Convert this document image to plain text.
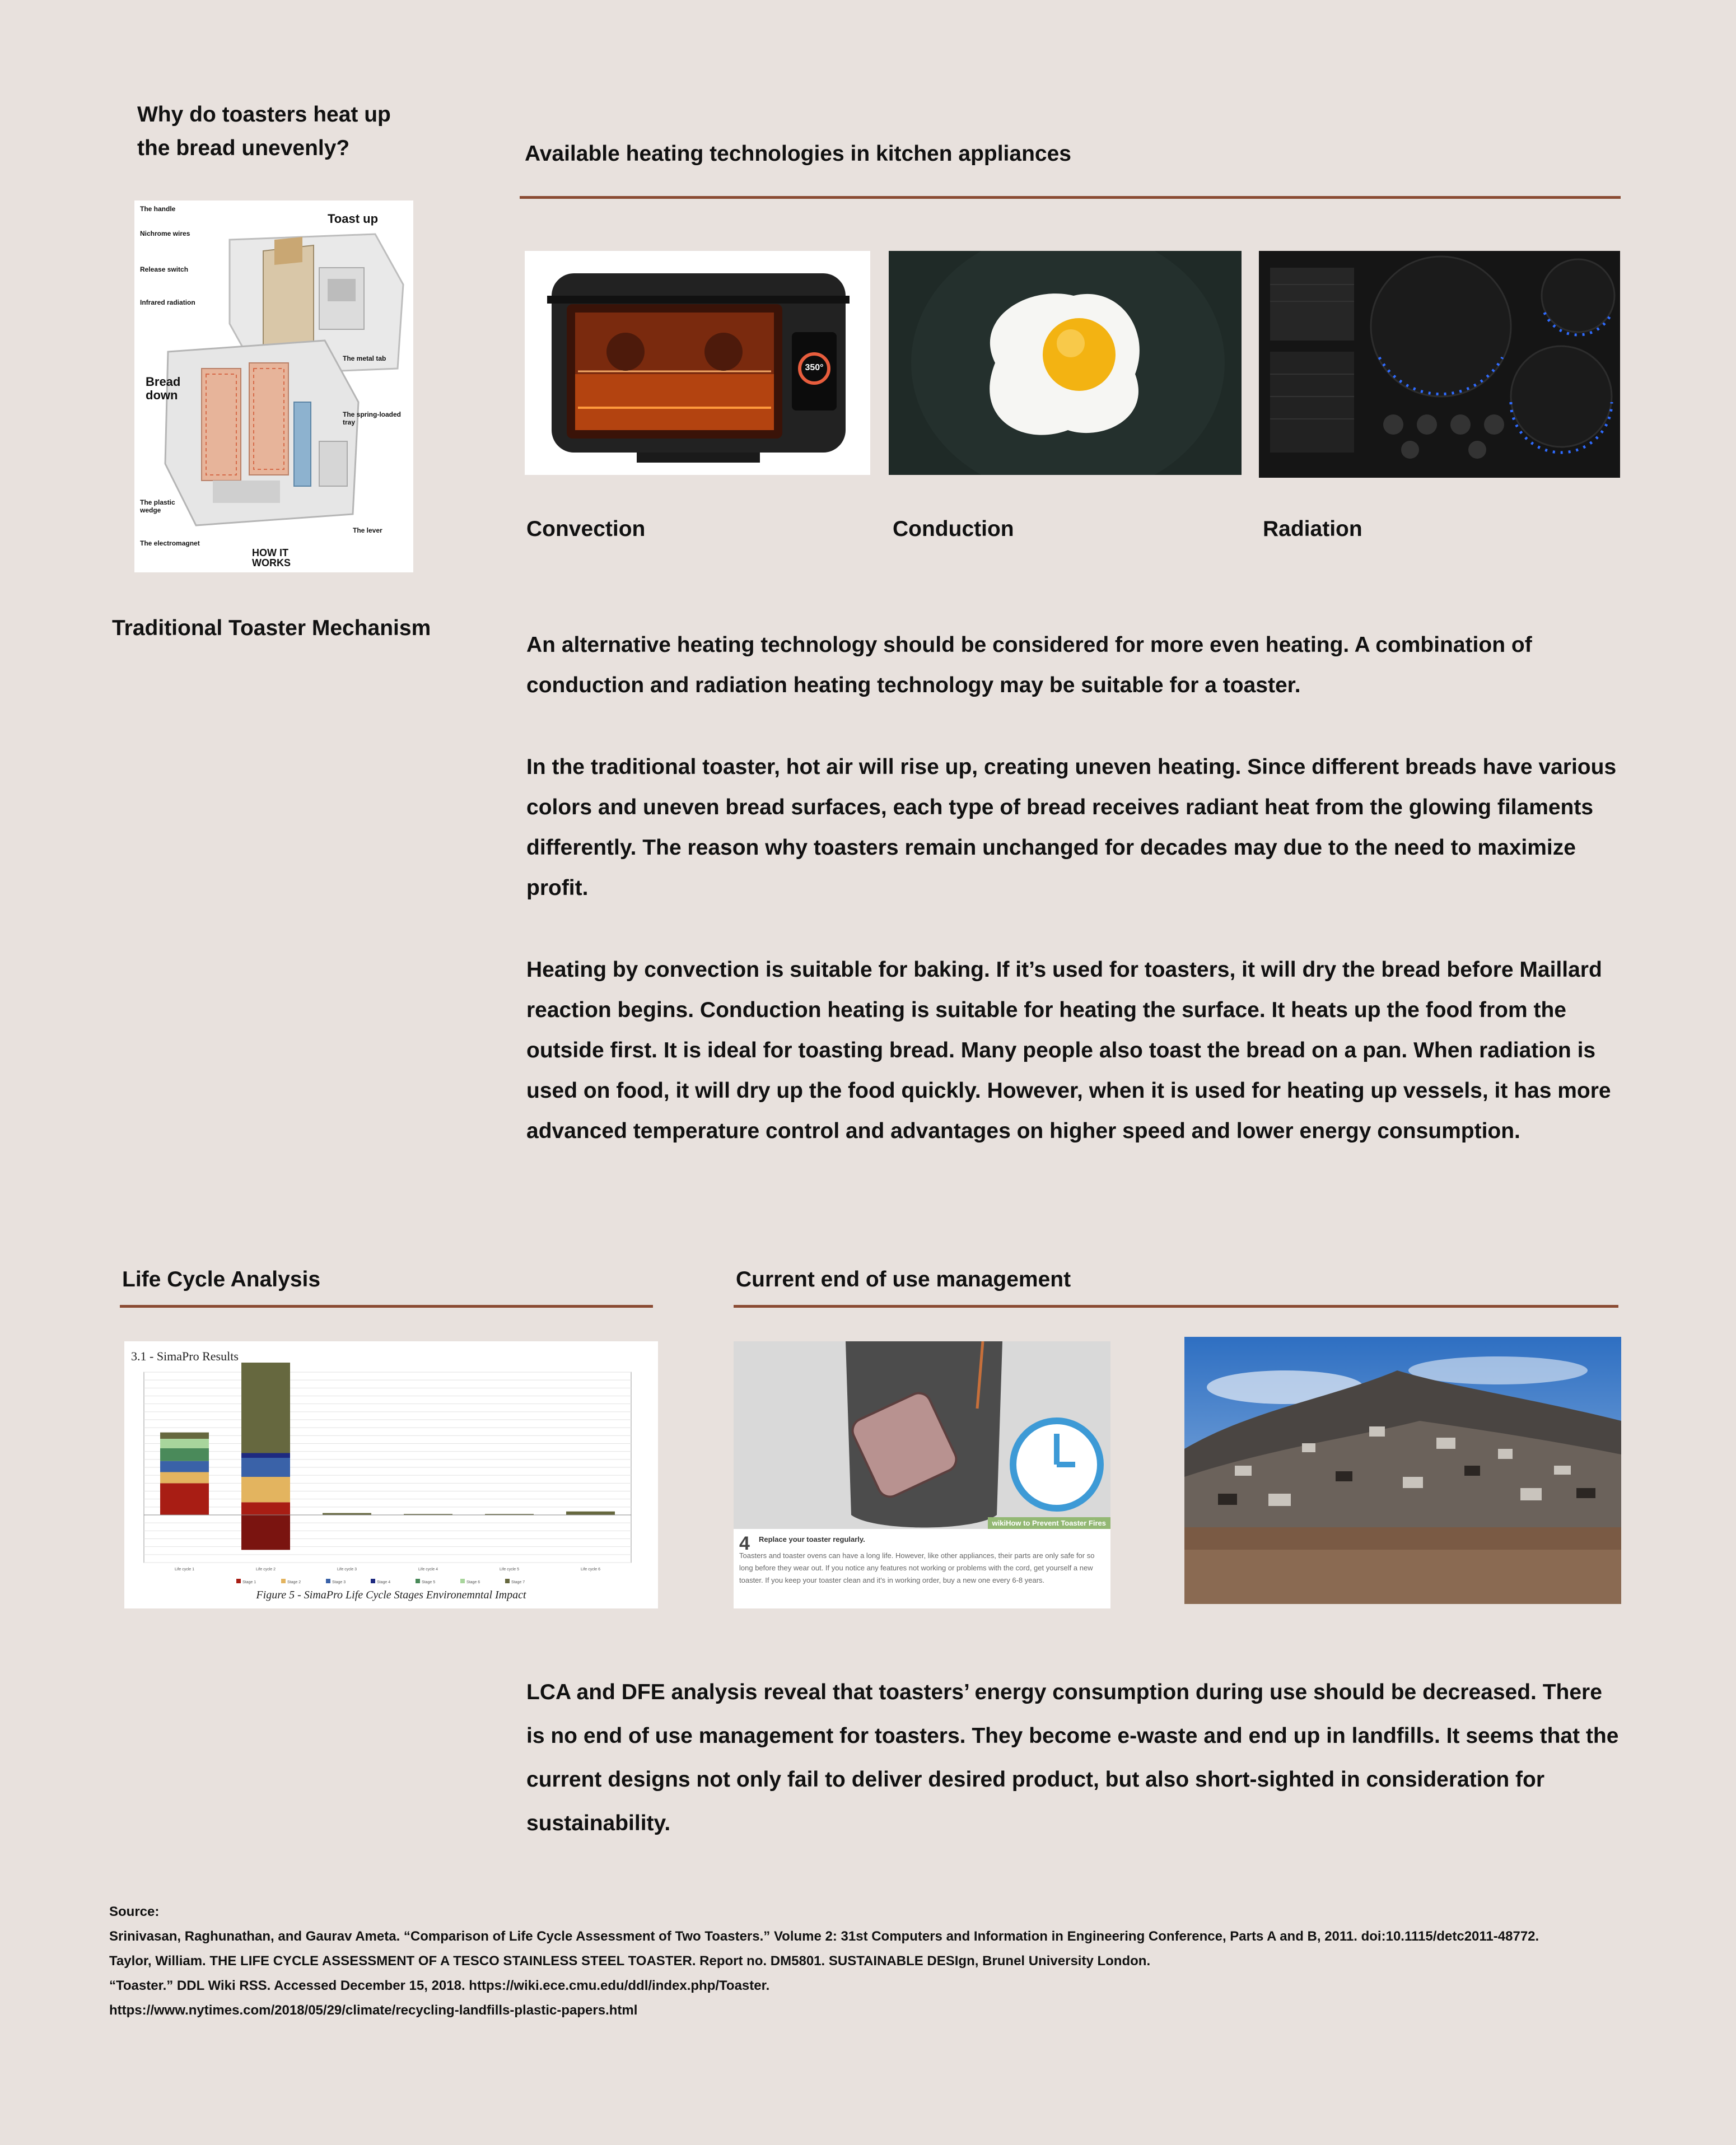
Why do toasters heat up
the bread unevenly?
The handle
Nichrome wires
Release switch
Infrared radiation
Toast up
Bread down
The metal tab
The spring-loaded tray
The plastic wedge
The lever
The electromagnet
HOW IT WORKS
Traditional Toaster Mechanism
Available heating technologies in kitchen appliances
350°
Convection	Conduction	Radiation
An alternative heating technology should be considered for more even heating. A combination of conduction and radiation heating technology may be suitable for a toaster.
In the traditional toaster, hot air will rise up, creating uneven heating. Since different breads have various colors and uneven bread surfaces, each type of bread receives radiant heat from the glowing filaments differently. The reason why toasters remain unchanged for decades may due to the need to maximize profit.
Heating by convection is suitable for baking. If it’s used for toasters, it will dry the bread before Maillard reaction begins. Conduction heating is suitable for heating the surface. It heats up the food from the outside first. It is ideal for toasting bread. Many people also toast the bread on a pan. When radiation is used on food, it will dry up the food quickly. However, when it is used for heating up vessels, it has more advanced temperature control and advantages on higher speed and lower energy consumption.
Life Cycle Analysis
3.1 - SimaPro Results
Life cycle 1	Life cycle 2	Life cycle 3	Life cycle 4	Life cycle 5	Life cycle 6
Stage 1	Stage 2	Stage 3	Stage 4	Stage 5	Stage 6	Stage 7
Figure 5 - SimaPro Life Cycle Stages Environemntal Impact
Current end of use management
wikiHow to Prevent Toaster Fires
4 Replace your toaster regularly.
Toasters and toaster ovens can have a long life. However, like other appliances, their parts are only safe for so long before they wear out. If you notice any features not working or problems with the cord, get yourself a new toaster. If you keep your toaster clean and it's in working order, buy a new one every 6-8 years.
LCA and DFE analysis reveal that toasters’ energy consumption during use should be decreased. There is no end of use management for toasters. They become e-waste and end up in landfills. It seems that the current designs not only fail to deliver desired product, but also short-sighted in consideration for sustainability.
Source:
Srinivasan, Raghunathan, and Gaurav Ameta. “Comparison of Life Cycle Assessment of Two Toasters.” Volume 2: 31st Computers and Information in Engineering Conference, Parts A and B, 2011. doi:10.1115/detc2011-48772.
Taylor, William. THE LIFE CYCLE ASSESSMENT OF A TESCO STAINLESS STEEL TOASTER. Report no. DM5801. SUSTAINABLE DESIgn, Brunel University London.
“Toaster.” DDL Wiki RSS. Accessed December 15, 2018. https://wiki.ece.cmu.edu/ddl/index.php/Toaster.
https://www.nytimes.com/2018/05/29/climate/recycling-landfills-plastic-papers.html
